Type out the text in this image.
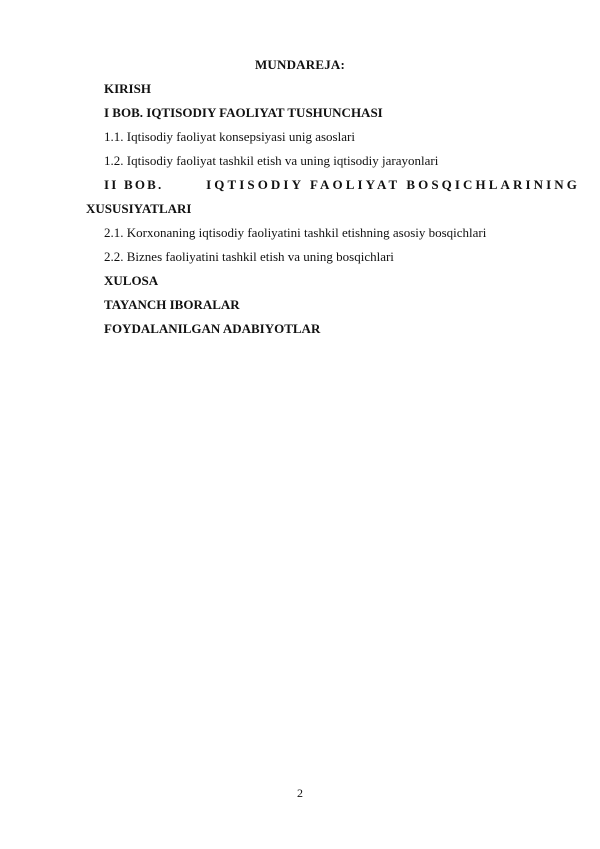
MUNDAREJA:
KIRISH
I BOB. IQTISODIY FAOLIYAT TUSHUNCHASI
1.1. Iqtisodiy faoliyat konsepsiyasi unig asoslari
1.2. Iqtisodiy faoliyat tashkil etish va uning iqtisodiy jarayonlari
II BOB.	IQTISODIY FAOLIYAT BOSQICHLARINING
XUSUSIYATLARI
2.1. Korxonaning iqtisodiy faoliyatini tashkil etishning asosiy bosqichlari
2.2. Biznes faoliyatini tashkil etish va uning bosqichlari
XULOSA
TAYANCH IBORALAR
FOYDALANILGAN ADABIYOTLAR
2
